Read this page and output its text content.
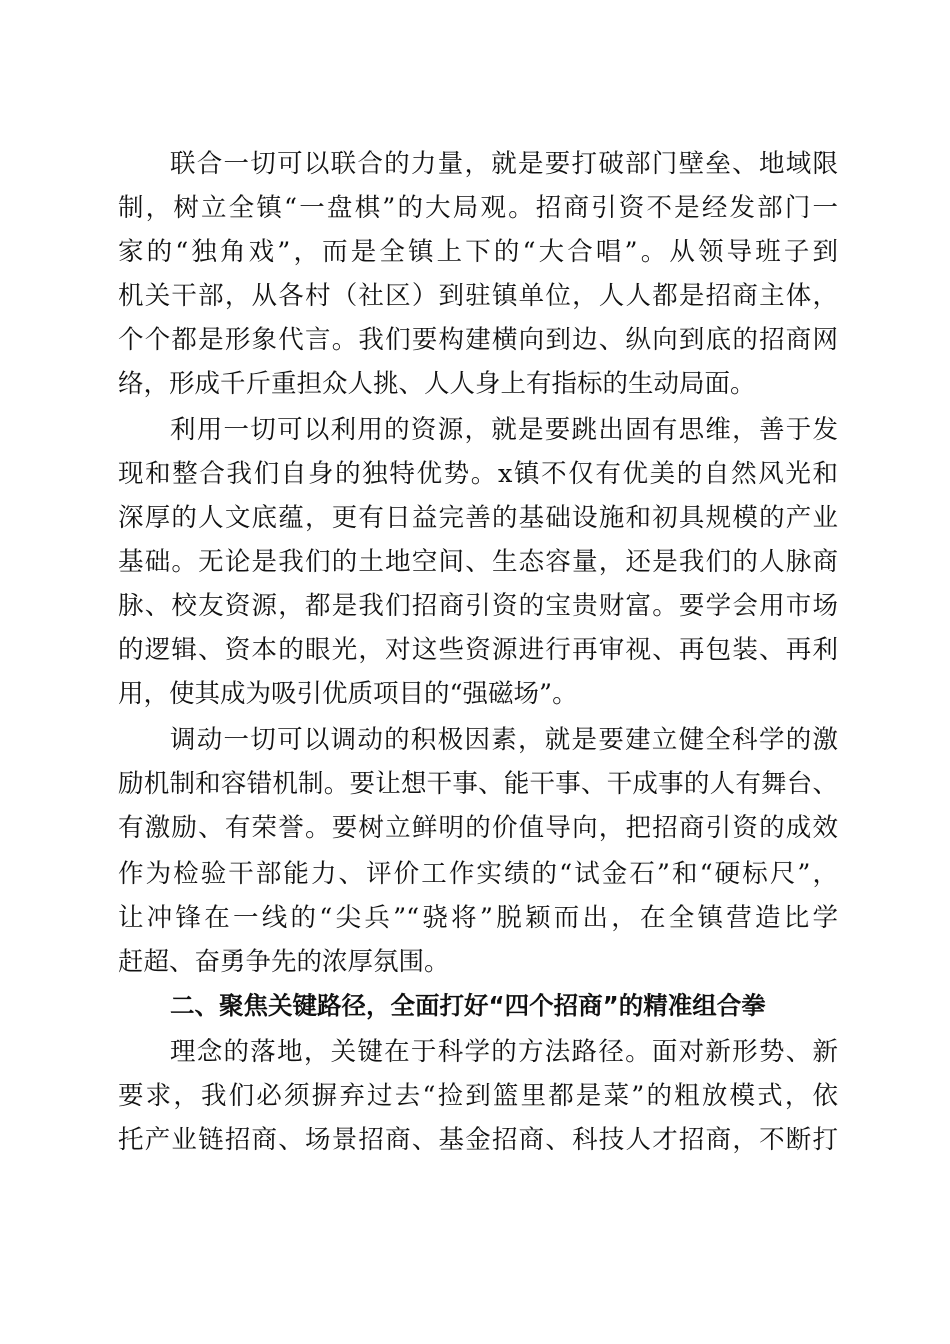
联合一切可以联合的力量，就是要打破部门壁垒、地域限
制，树立全镇“一盘棋”的大局观。招商引资不是经发部门一
家的“独角戏”，而是全镇上下的“大合唱”。从领导班子到
机关干部，从各村（社区）到驻镇单位，人人都是招商主体，
个个都是形象代言。我们要构建横向到边、纵向到底的招商网
络，形成千斤重担众人挑、人人身上有指标的生动局面。
利用一切可以利用的资源，就是要跳出固有思维，善于发
现和整合我们自身的独特优势。x镇不仅有优美的自然风光和
深厚的人文底蕴，更有日益完善的基础设施和初具规模的产业
基础。无论是我们的土地空间、生态容量，还是我们的人脉商
脉、校友资源，都是我们招商引资的宝贵财富。要学会用市场
的逻辑、资本的眼光，对这些资源进行再审视、再包装、再利
用，使其成为吸引优质项目的“强磁场”。
调动一切可以调动的积极因素，就是要建立健全科学的激
励机制和容错机制。要让想干事、能干事、干成事的人有舞台、
有激励、有荣誉。要树立鲜明的价值导向，把招商引资的成效
作为检验干部能力、评价工作实绩的“试金石”和“硬标尺”，
让冲锋在一线的“尖兵”“骁将”脱颖而出，在全镇营造比学
赶超、奋勇争先的浓厚氛围。
二、聚焦关键路径，全面打好“四个招商”的精准组合拳
理念的落地，关键在于科学的方法路径。面对新形势、新
要求，我们必须摒弃过去“捡到篮里都是菜”的粗放模式，依
托产业链招商、场景招商、基金招商、科技人才招商，不断打
